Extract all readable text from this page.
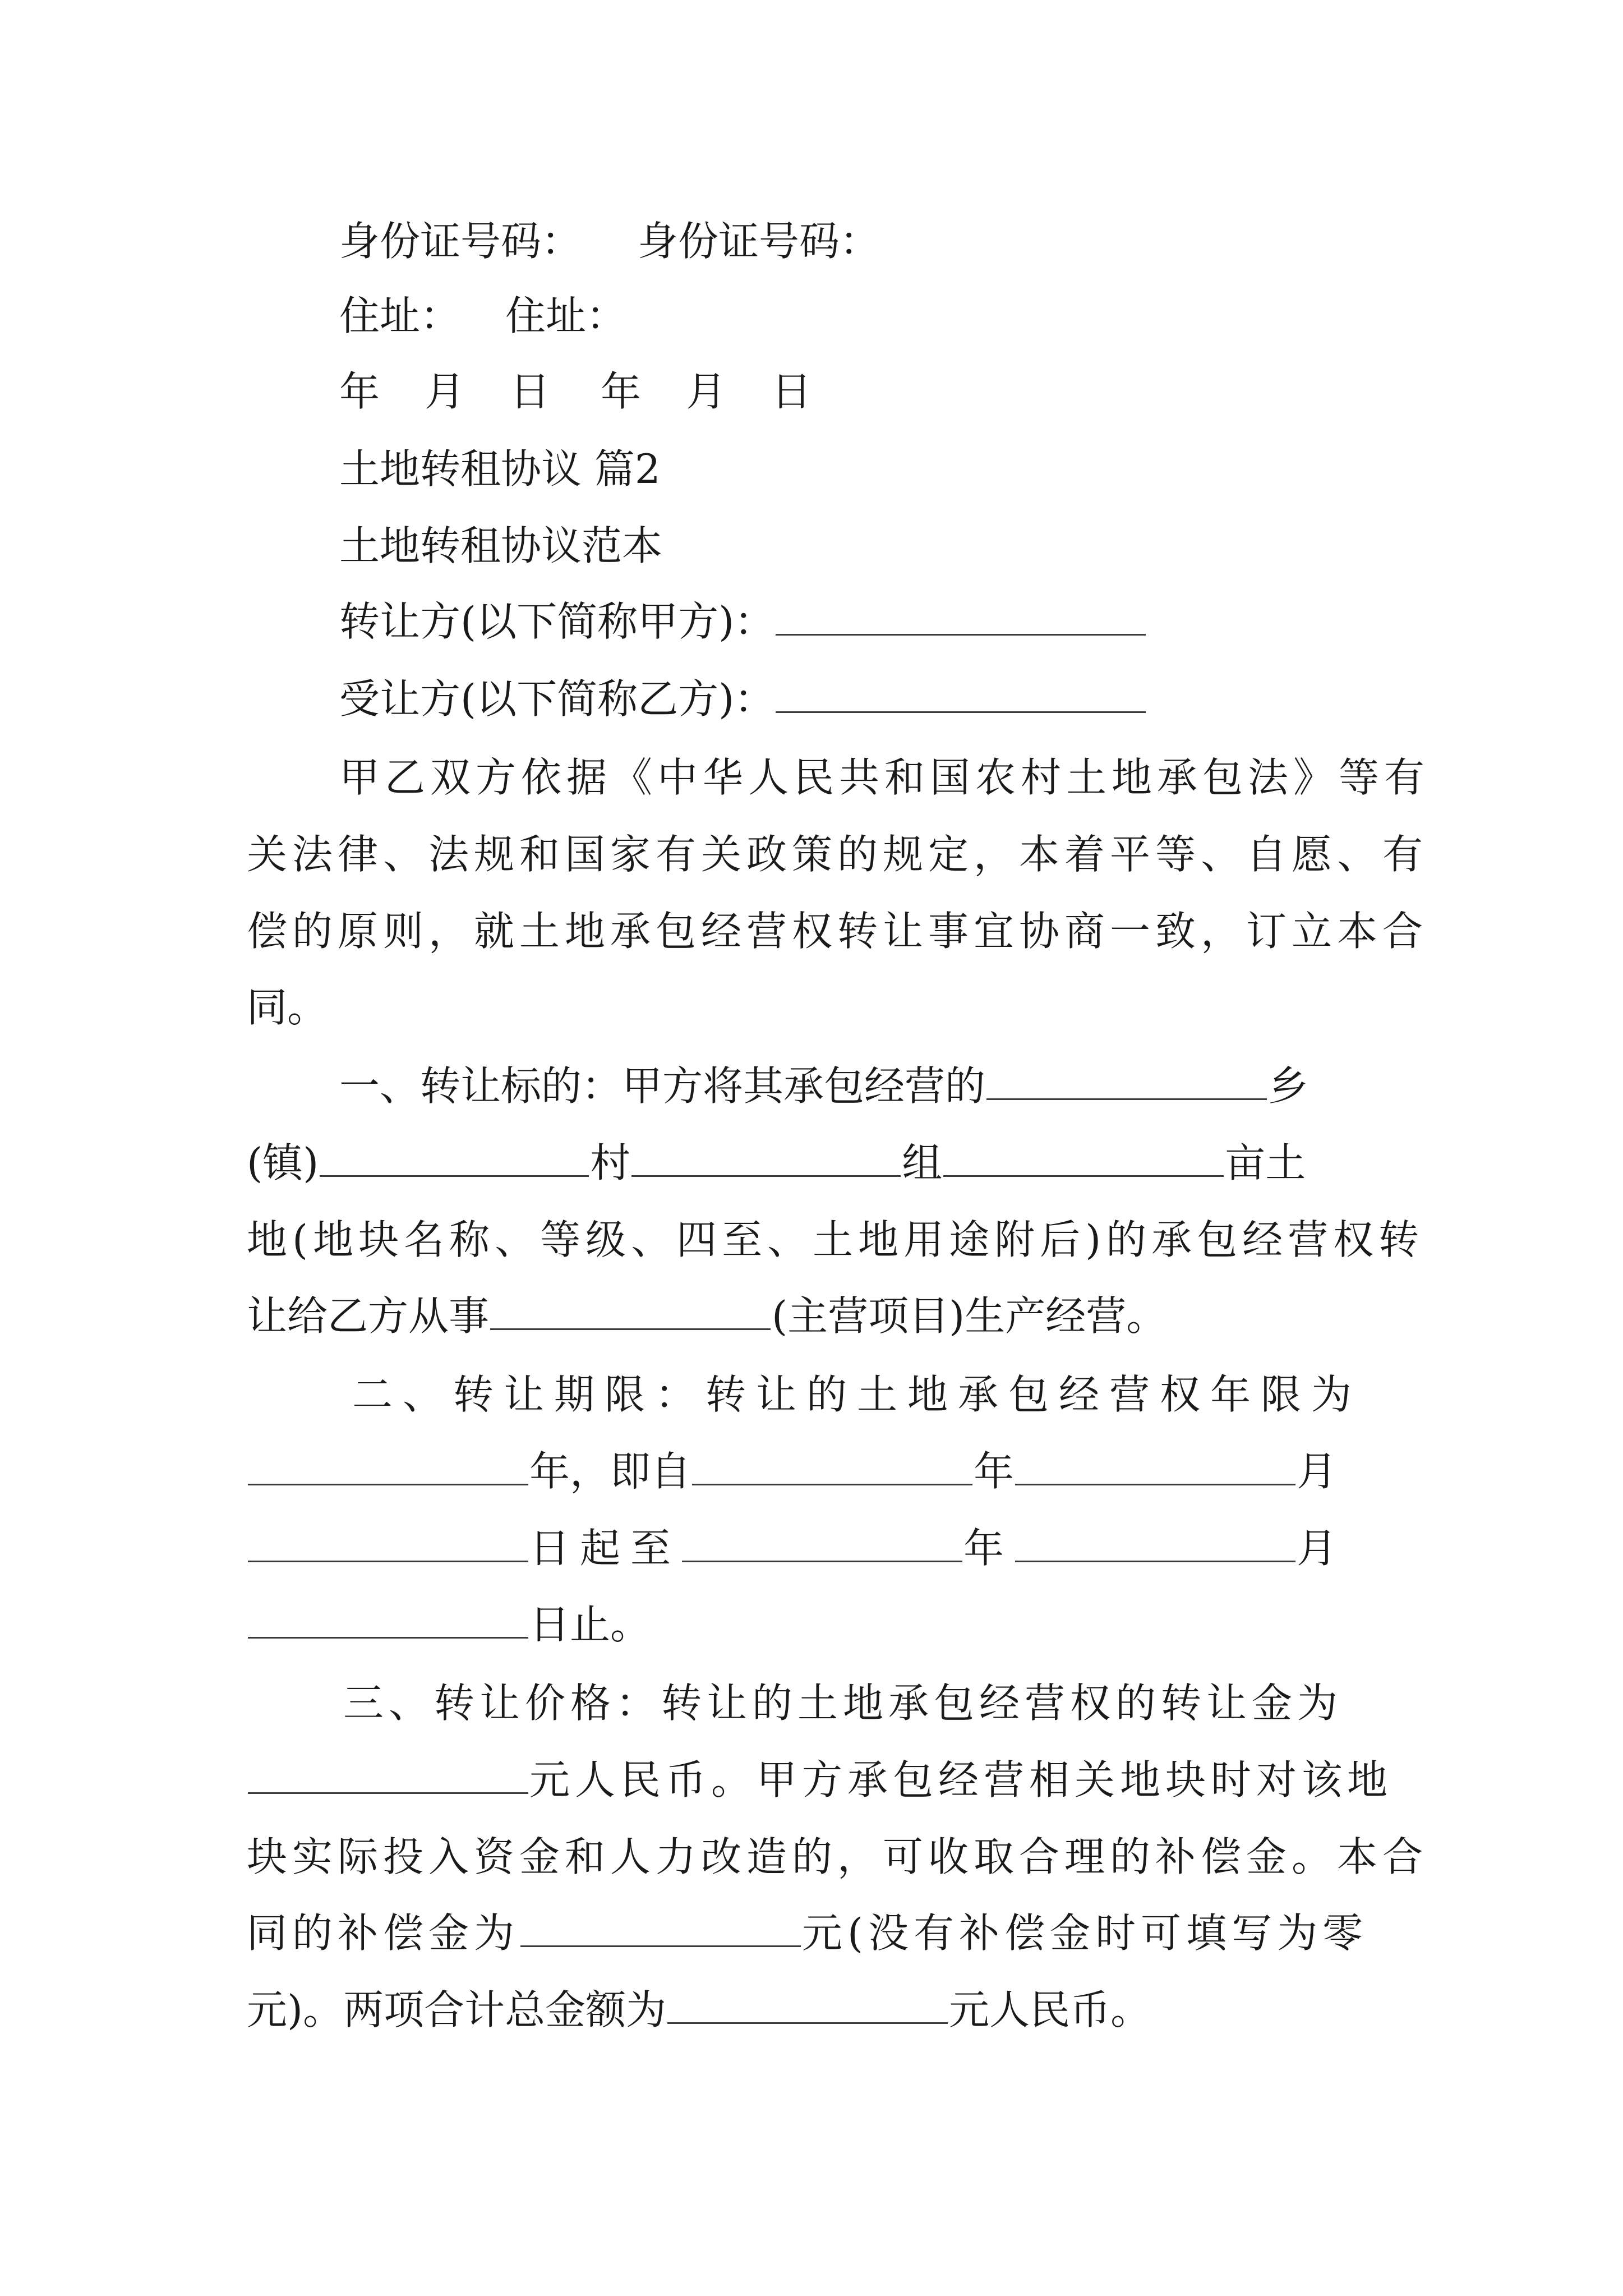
身份证号码： 身份证号码：
住址： 住址：
年 月 日 年 月 日
土地转租协议 篇2
土地转租协议范本
转让方(以下简称甲方)：
受让方(以下简称乙方)：
甲乙双方依据《中华人民共和国农村土地承包法》等有
关法律、法规和国家有关政策的规定，本着平等、自愿、有
偿的原则，就土地承包经营权转让事宜协商一致，订立本合
同。
一、转让标的：甲方将其承包经营的	乡
(镇)	村	组	亩土
地(地块名称、等级、四至、土地用途附后)的承包经营权转
让给乙方从事	(主营项目)生产经营。
二、转让期限：转让的土地承包经营权年限为
年，即自	年	月
日起至	年	月
日止。
三、转让价格：转让的土地承包经营权的转让金为
元人民币。甲方承包经营相关地块时对该地
块实际投入资金和人力改造的，可收取合理的补偿金。本合
同的补偿金为	元(没有补偿金时可填写为零
元)。两项合计总金额为	元人民币。
